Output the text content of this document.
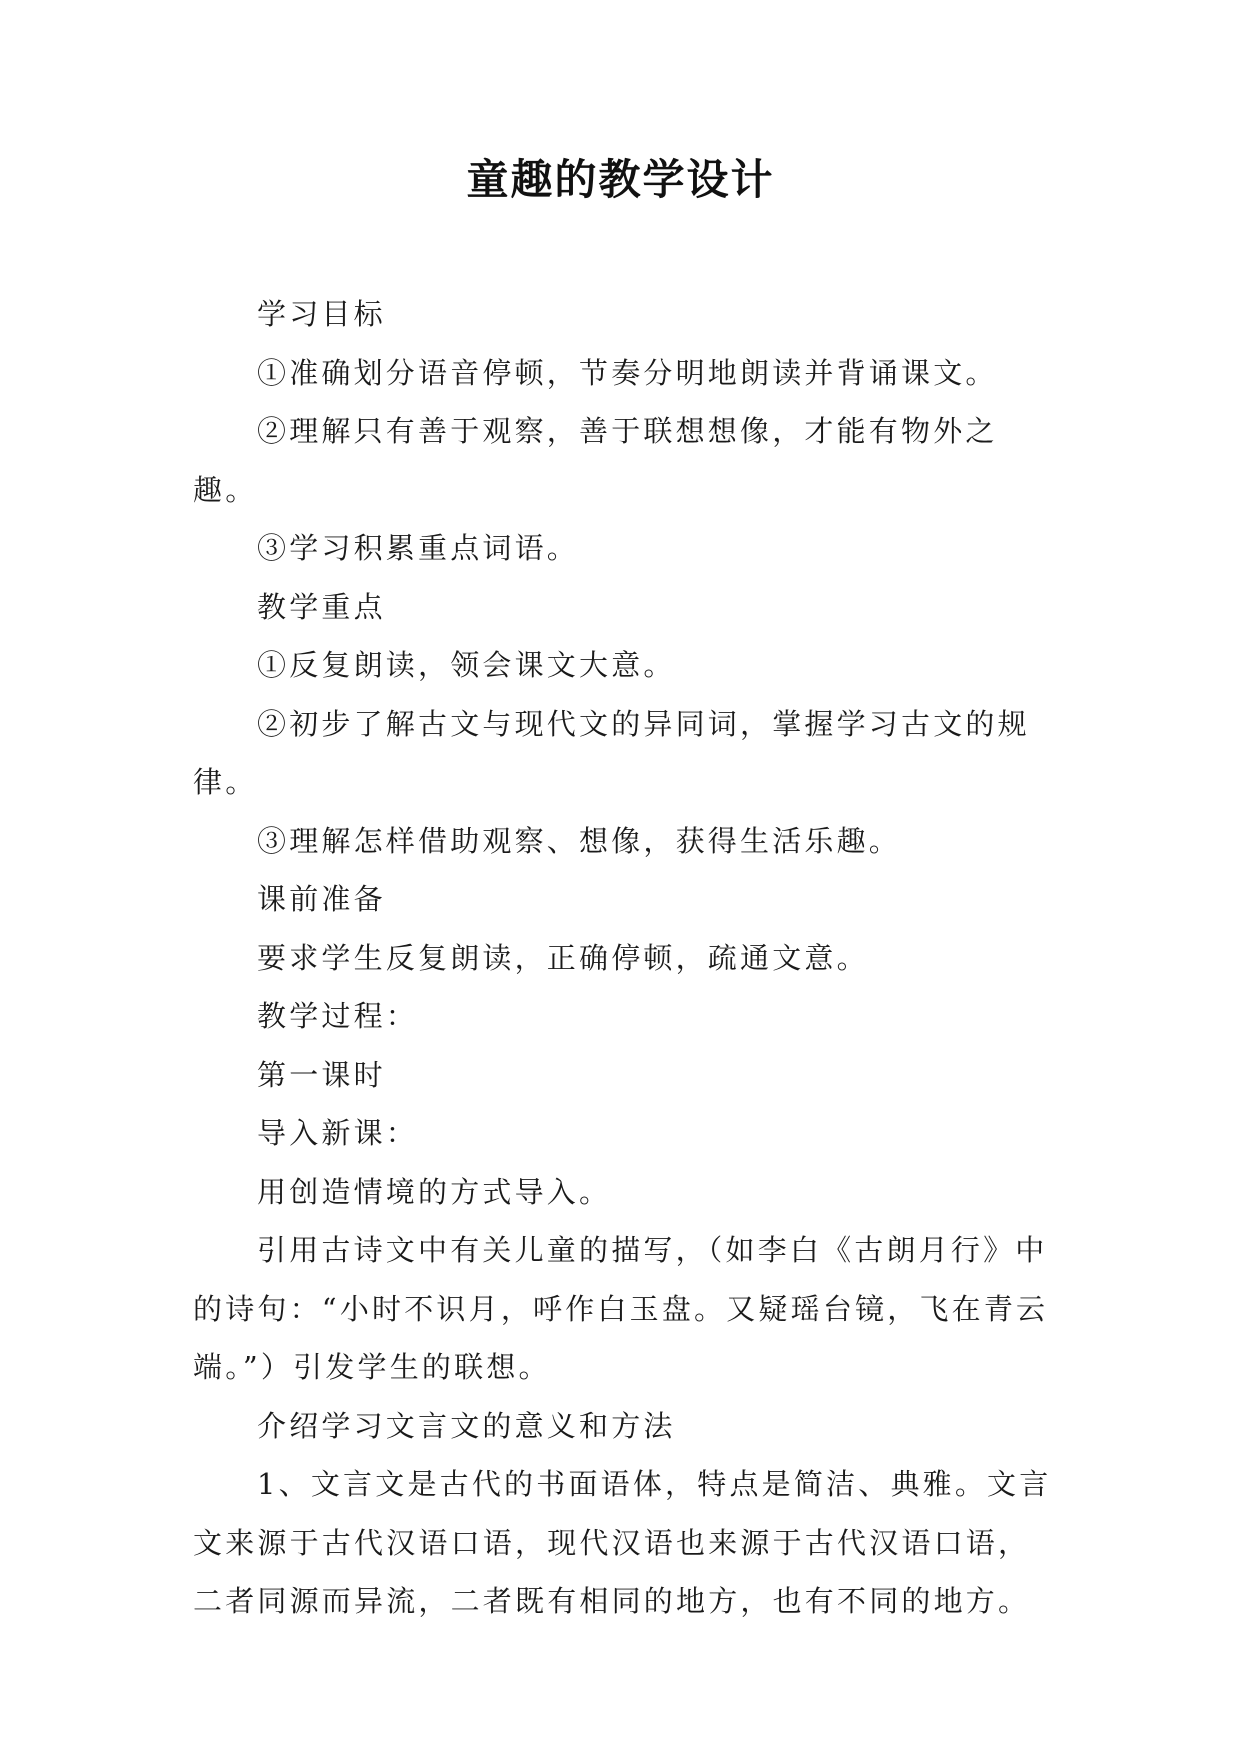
童趣的教学设计

学习目标

①准确划分语音停顿，节奏分明地朗读并背诵课文。

②理解只有善于观察，善于联想想像，才能有物外之趣。

③学习积累重点词语。

教学重点

①反复朗读，领会课文大意。

②初步了解古文与现代文的异同词，掌握学习古文的规律。

③理解怎样借助观察、想像，获得生活乐趣。

课前准备

要求学生反复朗读，正确停顿，疏通文意。

教学过程：

第一课时

导入新课：

用创造情境的方式导入。

引用古诗文中有关儿童的描写，（如李白《古朗月行》中的诗句：“小时不识月，呼作白玉盘。又疑瑶台镜，飞在青云端。”）引发学生的联想。

介绍学习文言文的意义和方法

1、文言文是古代的书面语体，特点是简洁、典雅。文言文来源于古代汉语口语，现代汉语也来源于古代汉语口语，二者同源而异流，二者既有相同的地方，也有不同的地方。
